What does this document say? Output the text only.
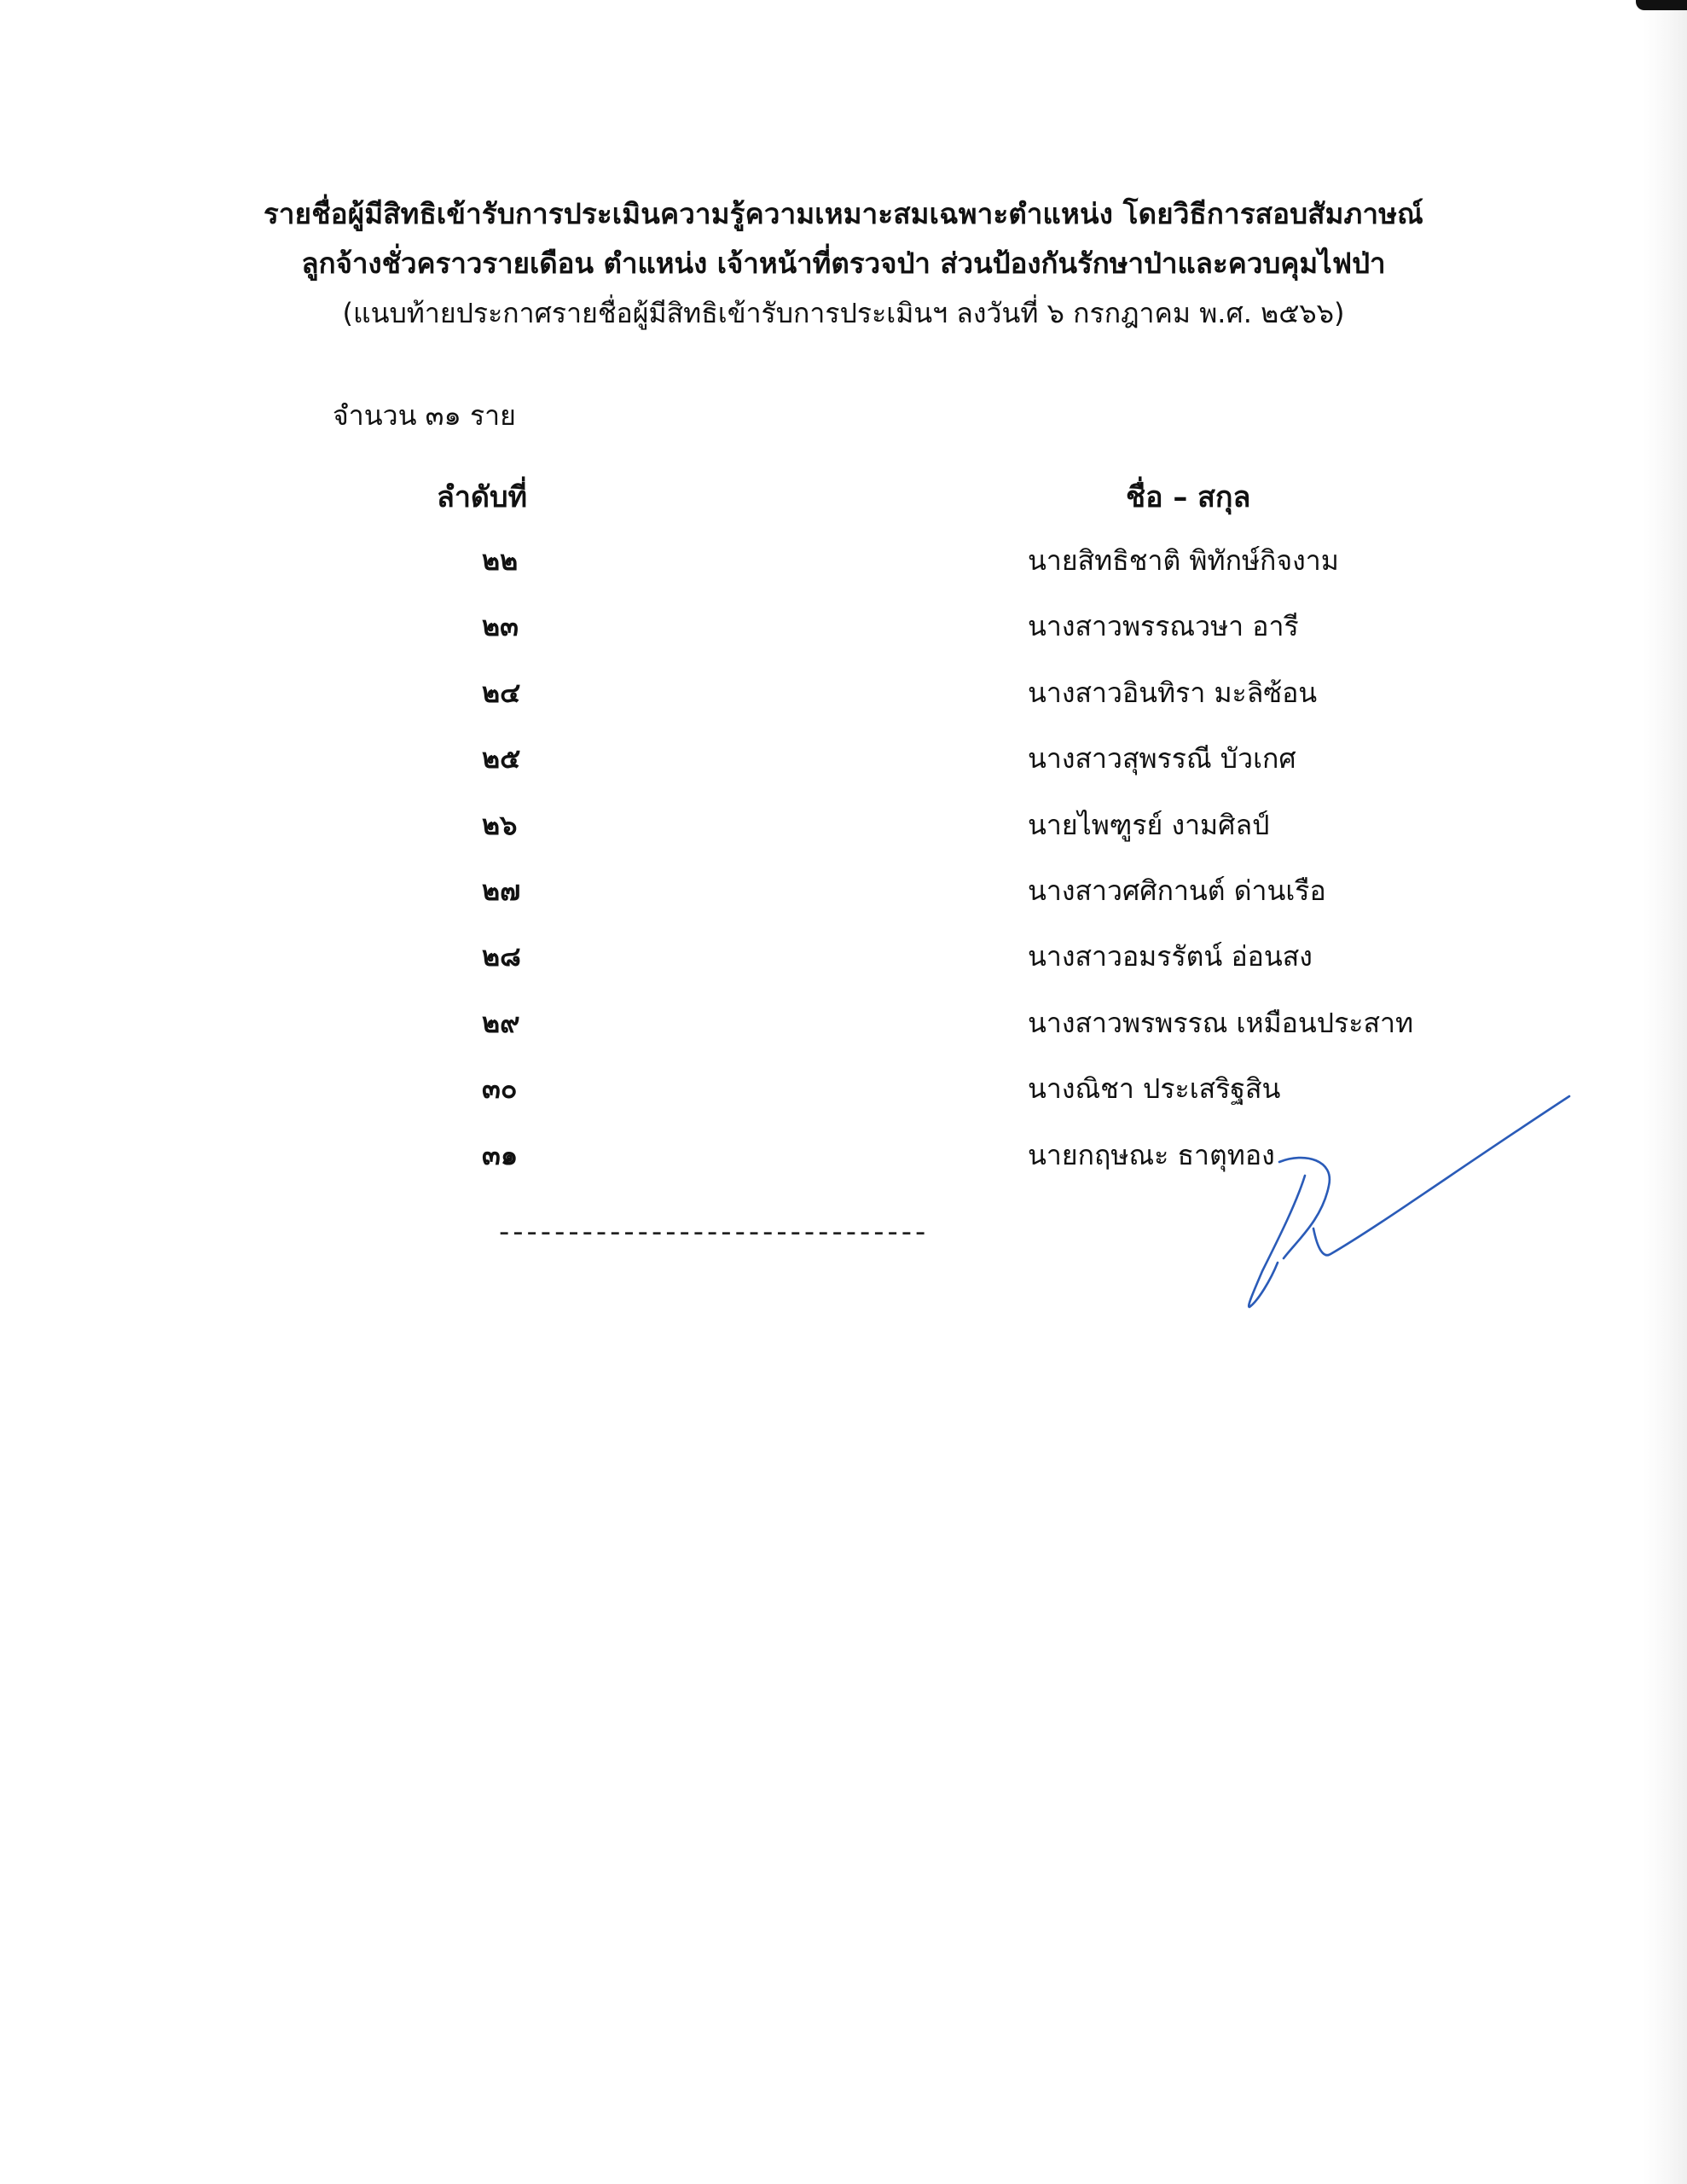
รายชื่อผู้มีสิทธิเข้ารับการประเมินความรู้ความเหมาะสมเฉพาะตำแหน่ง โดยวิธีการสอบสัมภาษณ์
ลูกจ้างชั่วคราวรายเดือน ตำแหน่ง เจ้าหน้าที่ตรวจป่า ส่วนป้องกันรักษาป่าและควบคุมไฟป่า
(แนบท้ายประกาศรายชื่อผู้มีสิทธิเข้ารับการประเมินฯ ลงวันที่ ๖ กรกฎาคม พ.ศ. ๒๕๖๖)
จำนวน ๓๑ ราย
ลำดับที่	ชื่อ – สกุล
๒๒	นายสิทธิชาติ พิทักษ์กิจงาม
๒๓	นางสาวพรรณวษา อารี
๒๔	นางสาวอินทิรา มะลิซ้อน
๒๕	นางสาวสุพรรณี บัวเกศ
๒๖	นายไพฑูรย์ งามศิลป์
๒๗	นางสาวศศิกานต์ ด่านเรือ
๒๘	นางสาวอมรรัตน์ อ่อนสง
๒๙	นางสาวพรพรรณ เหมือนประสาท
๓๐	นางณิชา ประเสริฐสิน
๓๑	นายกฤษณะ ธาตุทอง
-------------------------------
